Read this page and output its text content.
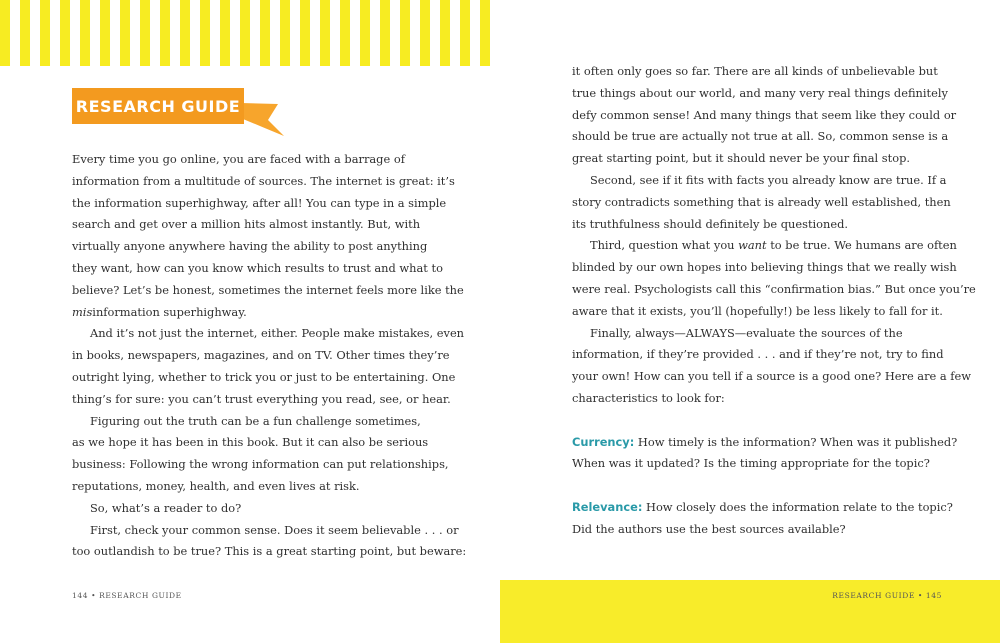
RESEARCH GUIDE

Every time you go online, you are faced with a barrage of

information from a multitude of sources. The internet is great: it’s

the information superhighway, after all! You can type in a simple

search and get over a million hits almost instantly. But, with

virtually anyone anywhere having the ability to post anything

they want, how can you know which results to trust and what to

believe? Let’s be honest, sometimes the internet feels more like the

misinformation superhighway.

And it’s not just the internet, either. People make mistakes, even

in books, newspapers, magazines, and on TV. Other times they’re

outright lying, whether to trick you or just to be entertaining. One

thing’s for sure: you can’t trust everything you read, see, or hear.

Figuring out the truth can be a fun challenge sometimes,

as we hope it has been in this book. But it can also be serious

business: Following the wrong information can put relationships,

reputations, money, health, and even lives at risk.

So, what’s a reader to do?

First, check your common sense. Does it seem believable . . . or

too outlandish to be true? This is a great starting point, but beware:

it often only goes so far. There are all kinds of unbelievable but

true things about our world, and many very real things definitely

defy common sense! And many things that seem like they could or

should be true are actually not true at all. So, common sense is a

great starting point, but it should never be your final stop.

Second, see if it fits with facts you already know are true. If a

story contradicts something that is already well established, then

its truthfulness should definitely be questioned.

Third, question what you want to be true. We humans are often

blinded by our own hopes into believing things that we really wish

were real. Psychologists call this “confirmation bias.” But once you’re

aware that it exists, you’ll (hopefully!) be less likely to fall for it.

Finally, always—ALWAYS—evaluate the sources of the

information, if they’re provided . . . and if they’re not, try to find

your own! How can you tell if a source is a good one? Here are a few

characteristics to look for:

Currency: How timely is the information? When was it published?

When was it updated? Is the timing appropriate for the topic?

Relevance: How closely does the information relate to the topic?

Did the authors use the best sources available?

144 • RESEARCH GUIDE	RESEARCH GUIDE • 145
